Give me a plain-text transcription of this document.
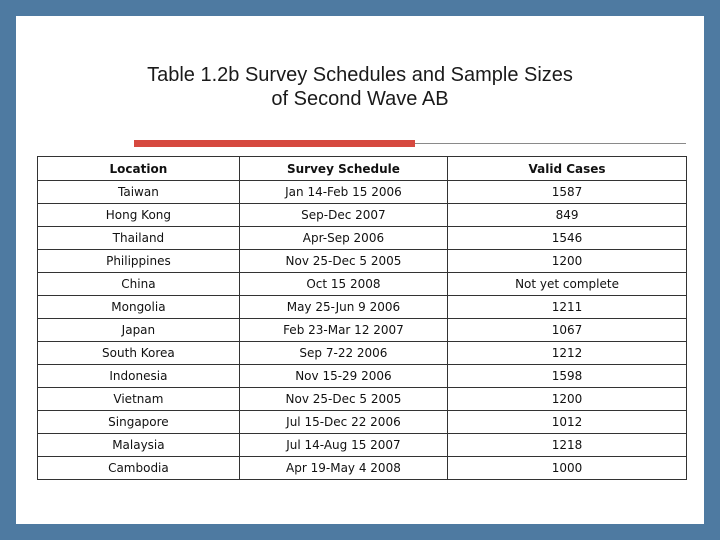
Table 1.2b Survey Schedules and Sample Sizes
of Second Wave AB
Location	Survey Schedule	Valid Cases
Taiwan	Jan 14-Feb 15 2006	1587
Hong Kong	Sep-Dec 2007	849
Thailand	Apr-Sep 2006	1546
Philippines	Nov 25-Dec 5 2005	1200
China	Oct 15 2008	Not yet complete
Mongolia	May 25-Jun 9 2006	1211
Japan	Feb 23-Mar 12 2007	1067
South Korea	Sep 7-22 2006	1212
Indonesia	Nov 15-29 2006	1598
Vietnam	Nov 25-Dec 5 2005	1200
Singapore	Jul 15-Dec 22 2006	1012
Malaysia	Jul 14-Aug 15 2007	1218
Cambodia	Apr 19-May 4 2008	1000
